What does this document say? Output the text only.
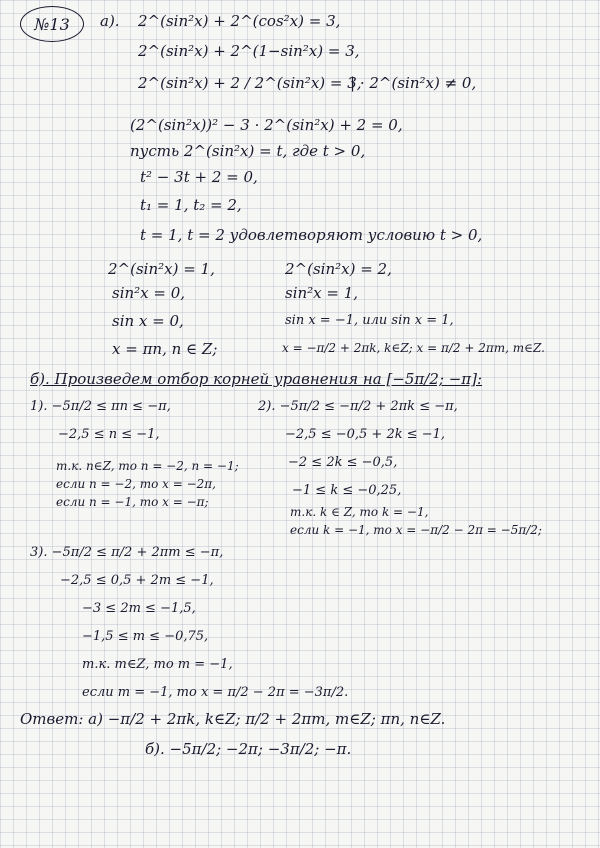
№13 а). 2^(sin²x) + 2^(cos²x) = 3,
2^(sin²x) + 2^(1−sin²x) = 3,
2^(sin²x) + 2 / 2^(sin²x) = 3,
| · 2^(sin²x) ≠ 0,
(2^(sin²x))² − 3 · 2^(sin²x) + 2 = 0,
пусть 2^(sin²x) = t, где t > 0,
t² − 3t + 2 = 0,
t₁ = 1, t₂ = 2,
t = 1, t = 2 удовлетворяют условию t > 0,
2^(sin²x) = 1,
sin²x = 0,
sin x = 0,
x = πn, n ∈ Z;
2^(sin²x) = 2,
sin²x = 1,
sin x = −1, или sin x = 1,
x = −π/2 + 2πk, k∈Z; x = π/2 + 2πm, m∈Z.
б). Произведем отбор корней уравнения на [−5π/2; −π]:
1). −5π/2 ≤ πn ≤ −π,
−2,5 ≤ n ≤ −1,
т.к. n∈Z, то n = −2, n = −1;
если n = −2, то x = −2π,
если n = −1, то x = −π;
2). −5π/2 ≤ −π/2 + 2πk ≤ −π,
−2,5 ≤ −0,5 + 2k ≤ −1,
−2 ≤ 2k ≤ −0,5,
−1 ≤ k ≤ −0,25,
т.к. k ∈ Z, то k = −1,
если k = −1, то x = −π/2 − 2π = −5π/2;
3). −5π/2 ≤ π/2 + 2πm ≤ −π,
−2,5 ≤ 0,5 + 2m ≤ −1,
−3 ≤ 2m ≤ −1,5,
−1,5 ≤ m ≤ −0,75,
т.к. m∈Z, то m = −1,
если m = −1, то x = π/2 − 2π = −3π/2.
Ответ: а) −π/2 + 2πk, k∈Z; π/2 + 2πm, m∈Z; πn, n∈Z.
б). −5π/2; −2π; −3π/2; −π.
